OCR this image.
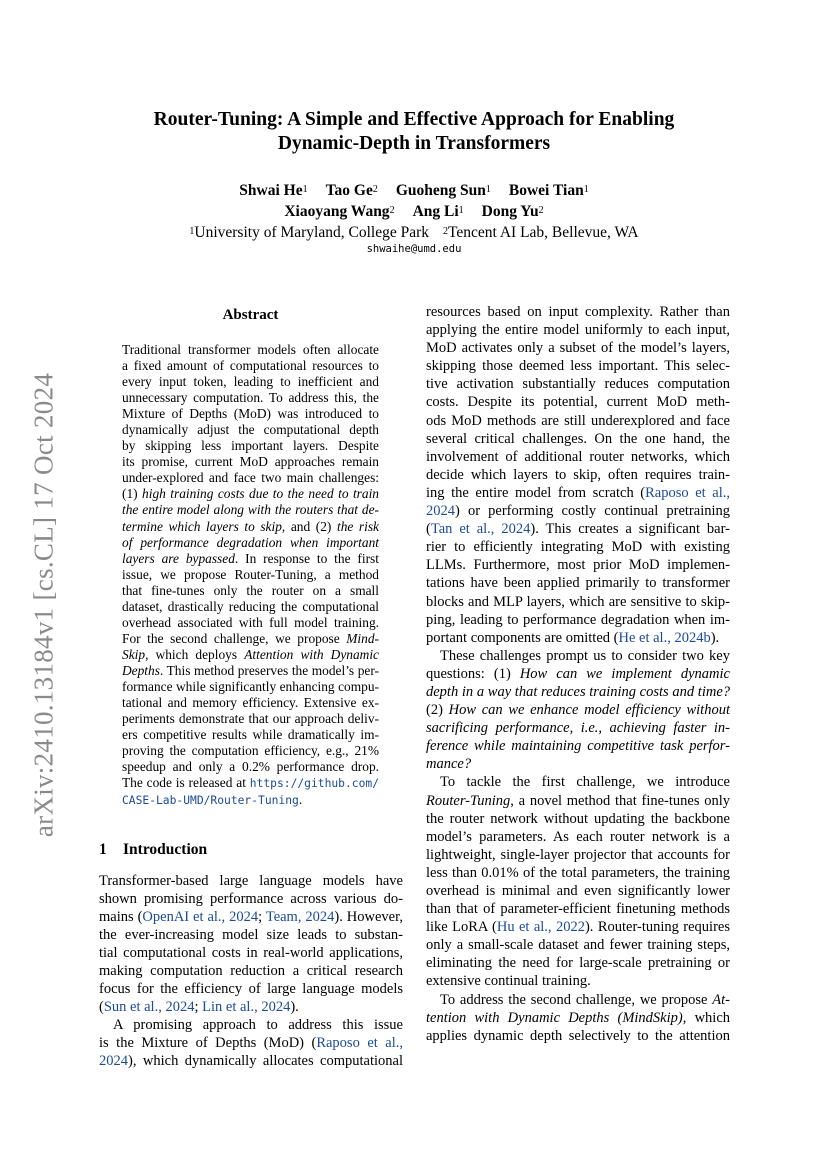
arXiv:2410.13184v1 [cs.CL] 17 Oct 2024
Router-Tuning: A Simple and Effective Approach for Enabling
Dynamic-Depth in Transformers
Shwai He$^1$ Tao Ge$^2$ Guoheng Sun$^1$ Bowei Tian$^1$
Xiaoyang Wang$^2$ Ang Li$^1$ Dong Yu$^2$
$^1$University of Maryland, College Park $^2$Tencent AI Lab, Bellevue, WA
shwaihe@umd.edu
Abstract
Traditional transformer models often allocate
a fixed amount of computational resources to
every input token, leading to inefficient and
unnecessary computation. To address this, the
Mixture of Depths (MoD) was introduced to
dynamically adjust the computational depth
by skipping less important layers. Despite
its promise, current MoD approaches remain
under-explored and face two main challenges:
(1) high training costs due to the need to train
the entire model along with the routers that de-
termine which layers to skip, and (2) the risk
of performance degradation when important
layers are bypassed. In response to the first
issue, we propose Router-Tuning, a method
that fine-tunes only the router on a small
dataset, drastically reducing the computational
overhead associated with full model training.
For the second challenge, we propose Mind-
Skip, which deploys Attention with Dynamic
Depths. This method preserves the model’s per-
formance while significantly enhancing compu-
tational and memory efficiency. Extensive ex-
periments demonstrate that our approach deliv-
ers competitive results while dramatically im-
proving the computation efficiency, e.g., 21%
speedup and only a 0.2% performance drop.
The code is released at https://github.com/
CASE-Lab-UMD/Router-Tuning.
1 Introduction
Transformer-based large language models have
shown promising performance across various do-
mains (OpenAI et al., 2024; Team, 2024). However,
the ever-increasing model size leads to substan-
tial computational costs in real-world applications,
making computation reduction a critical research
focus for the efficiency of large language models
(Sun et al., 2024; Lin et al., 2024).
A promising approach to address this issue
is the Mixture of Depths (MoD) (Raposo et al.,
2024), which dynamically allocates computational
resources based on input complexity. Rather than
applying the entire model uniformly to each input,
MoD activates only a subset of the model’s layers,
skipping those deemed less important. This selec-
tive activation substantially reduces computation
costs. Despite its potential, current MoD meth-
ods MoD methods are still underexplored and face
several critical challenges. On the one hand, the
involvement of additional router networks, which
decide which layers to skip, often requires train-
ing the entire model from scratch (Raposo et al.,
2024) or performing costly continual pretraining
(Tan et al., 2024). This creates a significant bar-
rier to efficiently integrating MoD with existing
LLMs. Furthermore, most prior MoD implemen-
tations have been applied primarily to transformer
blocks and MLP layers, which are sensitive to skip-
ping, leading to performance degradation when im-
portant components are omitted (He et al., 2024b).
These challenges prompt us to consider two key
questions: (1) How can we implement dynamic
depth in a way that reduces training costs and time?
(2) How can we enhance model efficiency without
sacrificing performance, i.e., achieving faster in-
ference while maintaining competitive task perfor-
mance?
To tackle the first challenge, we introduce
Router-Tuning, a novel method that fine-tunes only
the router network without updating the backbone
model’s parameters. As each router network is a
lightweight, single-layer projector that accounts for
less than 0.01% of the total parameters, the training
overhead is minimal and even significantly lower
than that of parameter-efficient finetuning methods
like LoRA (Hu et al., 2022). Router-tuning requires
only a small-scale dataset and fewer training steps,
eliminating the need for large-scale pretraining or
extensive continual training.
To address the second challenge, we propose At-
tention with Dynamic Depths (MindSkip), which
applies dynamic depth selectively to the attention
